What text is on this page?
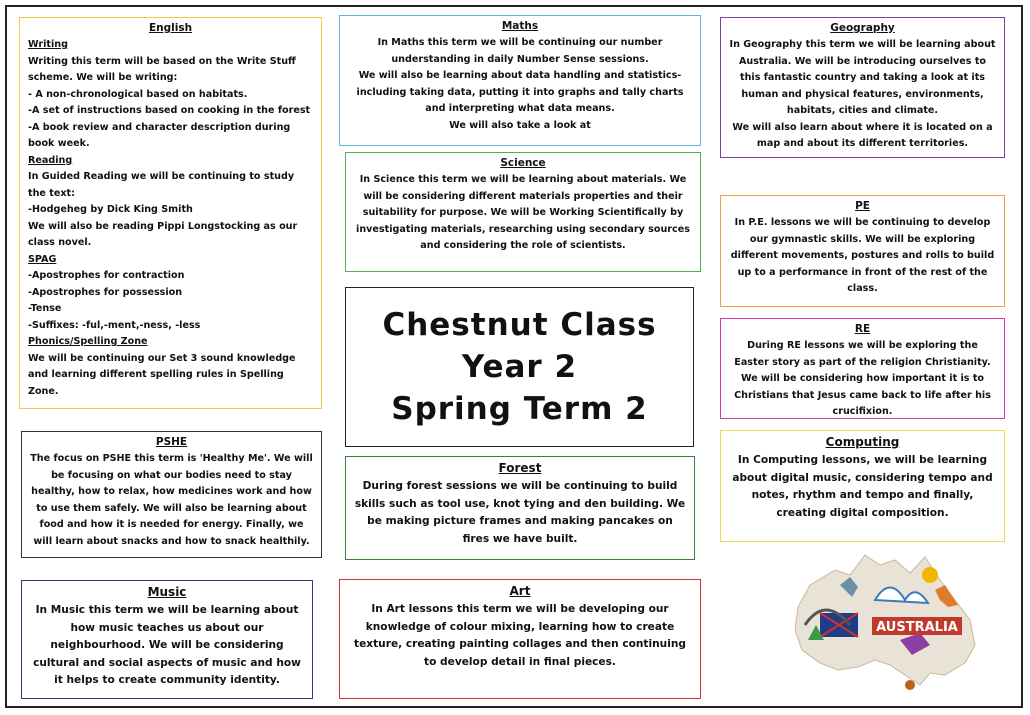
English

Writing
Writing this term will be based on the Write Stuff scheme. We will be writing:
- A non-chronological based on habitats.
-A set of instructions based on cooking in the forest
-A book review and character description during book week.
Reading
In Guided Reading we will be continuing to study the text:
-Hodgeheg by Dick King Smith
We will also be reading Pippi Longstocking as our class novel.
SPAG
-Apostrophes for contraction
-Apostrophes for possession
-Tense
-Suffixes: -ful,-ment,-ness, -less
Phonics/Spelling Zone
We will be continuing our Set 3 sound knowledge and learning different spelling rules in Spelling Zone.

Maths

In Maths this term we will be continuing our number understanding in daily Number Sense sessions.

We will also be learning about data handling and statistics- including taking data, putting it into graphs and tally charts and interpreting what data means.

We will also take a look at

Science

In Science this term we will be learning about materials. We will be considering different materials properties and their suitability for purpose. We will be Working Scientifically by investigating materials, researching using secondary sources and considering the role of scientists.

Chestnut Class
Year 2
Spring Term 2
Geography

In Geography this term we will be learning about Australia. We will be introducing ourselves to this fantastic country and taking a look at its human and physical features, environments, habitats, cities and climate.

We will also learn about where it is located on a map and about its different territories.

PE

In P.E. lessons we will be continuing to develop our gymnastic skills. We will be exploring different movements, postures and rolls to build up to a performance in front of the rest of the class.

RE

During RE lessons we will be exploring the Easter story as part of the religion Christianity. We will be considering how important it is to Christians that Jesus came back to life after his crucifixion.

Computing

In Computing lessons, we will be learning about digital music, considering tempo and notes, rhythm and tempo and finally, creating digital composition.

PSHE

The focus on PSHE this term is 'Healthy Me'. We will be focusing on what our bodies need to stay healthy, how to relax, how medicines work and how to use them safely. We will also be learning about food and how it is needed for energy. Finally, we will learn about snacks and how to snack healthily.

Forest

During forest sessions we will be continuing to build skills such as tool use, knot tying and den building. We be making picture frames and making pancakes on fires we have built.

Music

In Music this term we will be learning about how music teaches us about our neighbourhood. We will be considering cultural and social aspects of music and how it helps to create community identity.

Art

In Art lessons this term we will be developing our knowledge of colour mixing, learning how to create texture, creating painting collages and then continuing to develop detail in final pieces.

AUSTRALIA
